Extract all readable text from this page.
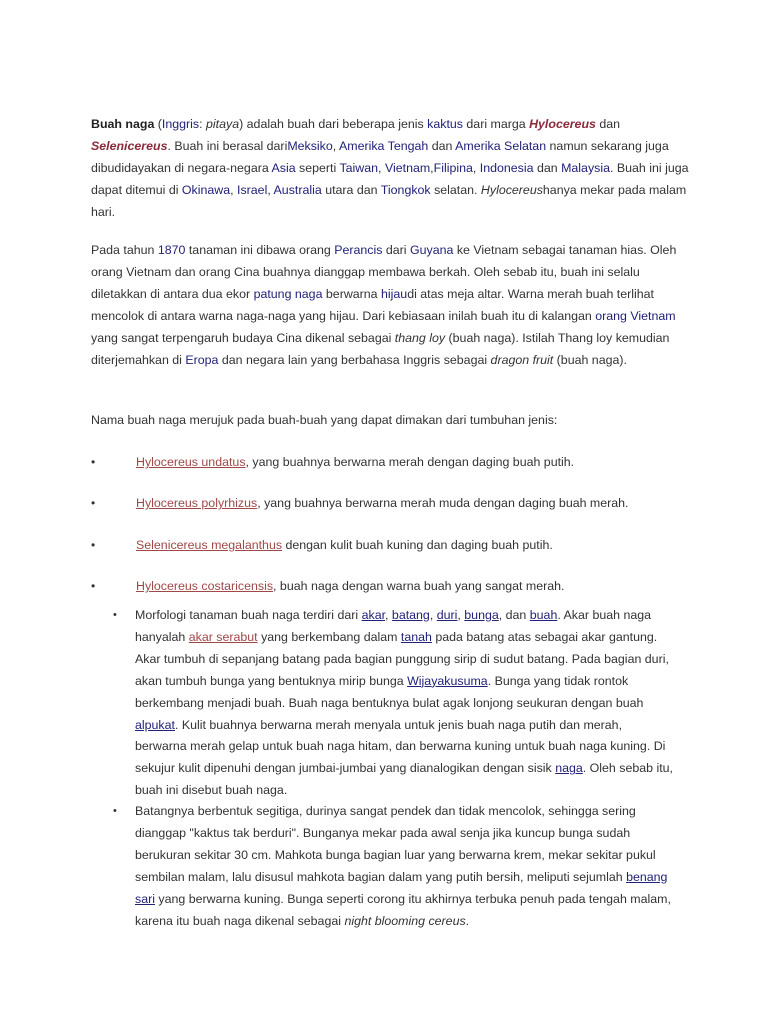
Buah naga (Inggris: pitaya) adalah buah dari beberapa jenis kaktus dari marga Hylocereus dan Selenicereus. Buah ini berasal dariMeksiko, Amerika Tengah dan Amerika Selatan namun sekarang juga dibudidayakan di negara-negara Asia seperti Taiwan, Vietnam,Filipina, Indonesia dan Malaysia. Buah ini juga dapat ditemui di Okinawa, Israel, Australia utara dan Tiongkok selatan. Hylocereushanya mekar pada malam hari.

Pada tahun 1870 tanaman ini dibawa orang Perancis dari Guyana ke Vietnam sebagai tanaman hias. Oleh orang Vietnam dan orang Cina buahnya dianggap membawa berkah. Oleh sebab itu, buah ini selalu diletakkan di antara dua ekor patung naga berwarna hijaudi atas meja altar. Warna merah buah terlihat mencolok di antara warna naga-naga yang hijau. Dari kebiasaan inilah buah itu di kalangan orang Vietnam yang sangat terpengaruh budaya Cina dikenal sebagai thang loy (buah naga). Istilah Thang loy kemudian diterjemahkan di Eropa dan negara lain yang berbahasa Inggris sebagai dragon fruit (buah naga).

Nama buah naga merujuk pada buah-buah yang dapat dimakan dari tumbuhan jenis:

•	Hylocereus undatus, yang buahnya berwarna merah dengan daging buah putih.
•	Hylocereus polyrhizus, yang buahnya berwarna merah muda dengan daging buah merah.
•	Selenicereus megalanthus dengan kulit buah kuning dan daging buah putih.
•	Hylocereus costaricensis, buah naga dengan warna buah yang sangat merah.
• Morfologi tanaman buah naga terdiri dari akar, batang, duri, bunga, dan buah. Akar buah naga hanyalah akar serabut yang berkembang dalam tanah pada batang atas sebagai akar gantung. Akar tumbuh di sepanjang batang pada bagian punggung sirip di sudut batang. Pada bagian duri, akan tumbuh bunga yang bentuknya mirip bunga Wijayakusuma. Bunga yang tidak rontok berkembang menjadi buah. Buah naga bentuknya bulat agak lonjong seukuran dengan buah alpukat. Kulit buahnya berwarna merah menyala untuk jenis buah naga putih dan merah, berwarna merah gelap untuk buah naga hitam, dan berwarna kuning untuk buah naga kuning. Di sekujur kulit dipenuhi dengan jumbai-jumbai yang dianalogikan dengan sisik naga. Oleh sebab itu, buah ini disebut buah naga.
• Batangnya berbentuk segitiga, durinya sangat pendek dan tidak mencolok, sehingga sering dianggap "kaktus tak berduri". Bunganya mekar pada awal senja jika kuncup bunga sudah berukuran sekitar 30 cm. Mahkota bunga bagian luar yang berwarna krem, mekar sekitar pukul sembilan malam, lalu disusul mahkota bagian dalam yang putih bersih, meliputi sejumlah benang sari yang berwarna kuning. Bunga seperti corong itu akhirnya terbuka penuh pada tengah malam, karena itu buah naga dikenal sebagai night blooming cereus.
